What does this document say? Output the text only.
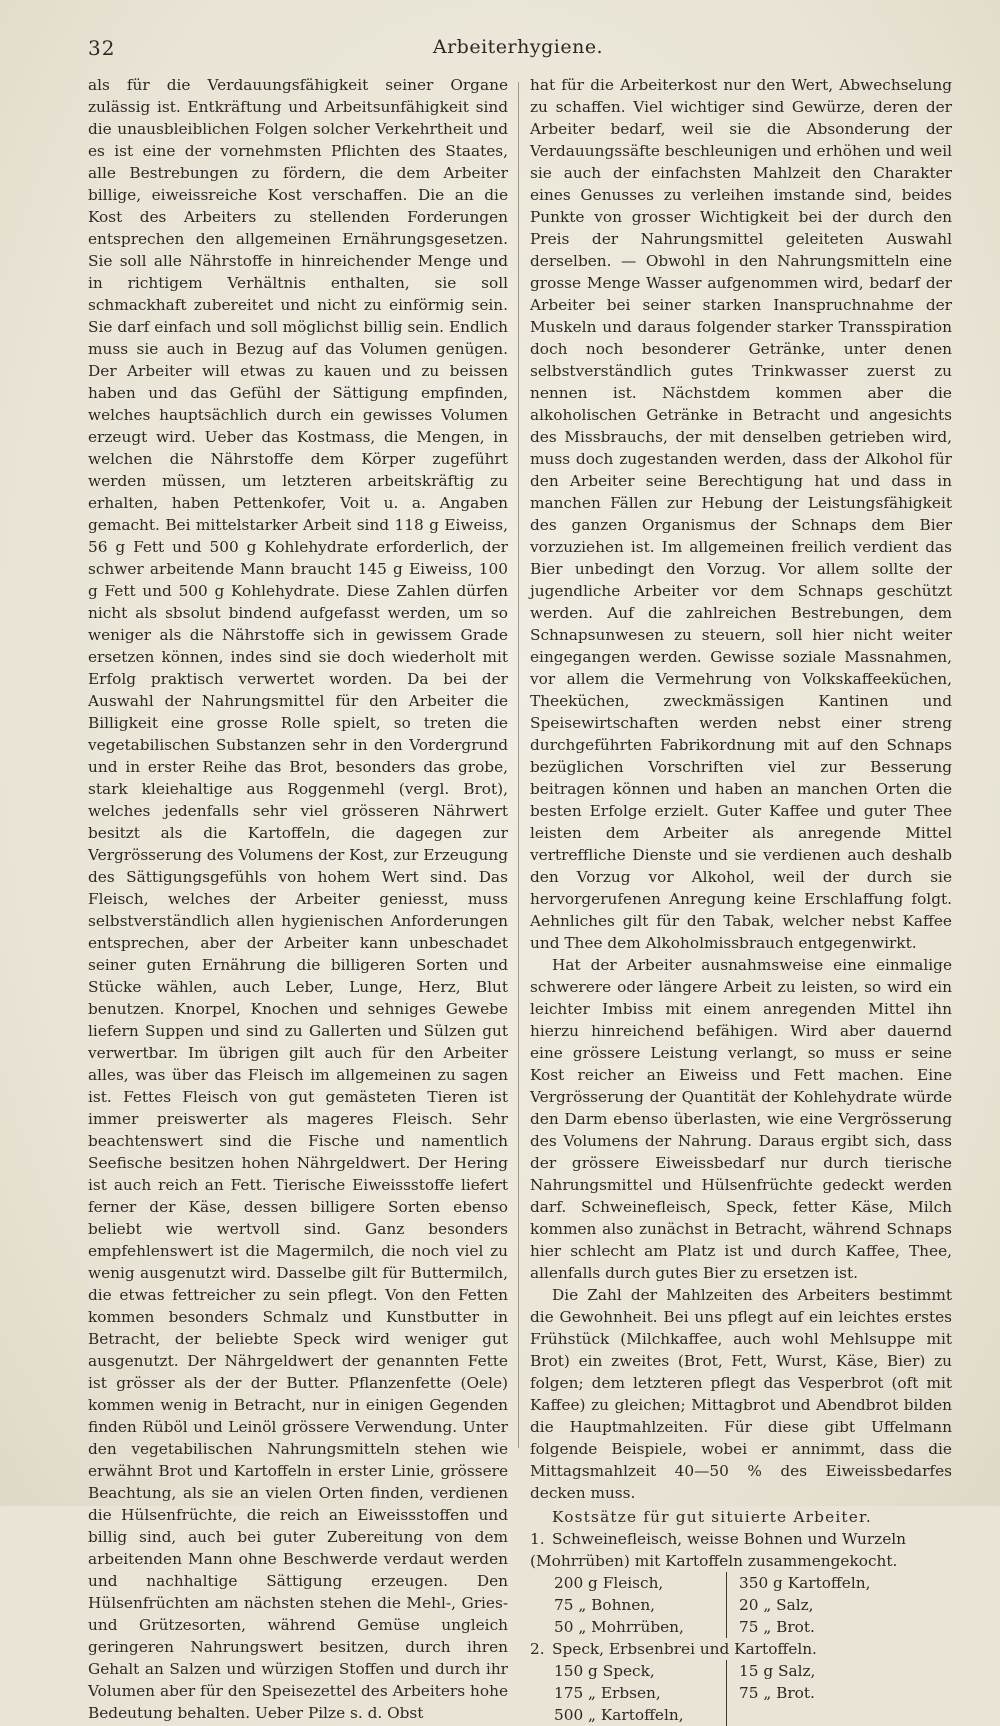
32	Arbeiterhygiene.

als für die Verdauungsfähigkeit seiner Organe zulässig ist. Entkräftung und Arbeitsunfähigkeit sind die unausbleiblichen Folgen solcher Verkehrtheit und es ist eine der vornehmsten Pflichten des Staates, alle Bestrebungen zu fördern, die dem Arbeiter billige, eiweissreiche Kost verschaffen. Die an die Kost des Arbeiters zu stellenden Forderungen entsprechen den allgemeinen Ernährungsgesetzen. Sie soll alle Nährstoffe in hinreichender Menge und in richtigem Verhältnis enthalten, sie soll schmackhaft zubereitet und nicht zu einförmig sein. Sie darf einfach und soll möglichst billig sein. Endlich muss sie auch in Bezug auf das Volumen genügen. Der Arbeiter will etwas zu kauen und zu beissen haben und das Gefühl der Sättigung empfinden, welches hauptsächlich durch ein gewisses Volumen erzeugt wird. Ueber das Kostmass, die Mengen, in welchen die Nährstoffe dem Körper zugeführt werden müssen, um letzteren arbeitskräftig zu erhalten, haben Pettenkofer, Voit u. a. Angaben gemacht. Bei mittelstarker Arbeit sind 118 g Eiweiss, 56 g Fett und 500 g Kohlehydrate erforderlich, der schwer arbeitende Mann braucht 145 g Eiweiss, 100 g Fett und 500 g Kohlehydrate. Diese Zahlen dürfen nicht als sbsolut bindend aufgefasst werden, um so weniger als die Nährstoffe sich in gewissem Grade ersetzen können, indes sind sie doch wiederholt mit Erfolg praktisch verwertet worden. Da bei der Auswahl der Nahrungsmittel für den Arbeiter die Billigkeit eine grosse Rolle spielt, so treten die vegetabilischen Substanzen sehr in den Vordergrund und in erster Reihe das Brot, besonders das grobe, stark kleiehaltige aus Roggenmehl (vergl. Brot), welches jedenfalls sehr viel grösseren Nährwert besitzt als die Kartoffeln, die dagegen zur Vergrösserung des Volumens der Kost, zur Erzeugung des Sättigungsgefühls von hohem Wert sind. Das Fleisch, welches der Arbeiter geniesst, muss selbstverständlich allen hygienischen Anforderungen entsprechen, aber der Arbeiter kann unbeschadet seiner guten Ernährung die billigeren Sorten und Stücke wählen, auch Leber, Lunge, Herz, Blut benutzen. Knorpel, Knochen und sehniges Gewebe liefern Suppen und sind zu Gallerten und Sülzen gut verwertbar. Im übrigen gilt auch für den Arbeiter alles, was über das Fleisch im allgemeinen zu sagen ist. Fettes Fleisch von gut gemästeten Tieren ist immer preiswerter als mageres Fleisch. Sehr beachtenswert sind die Fische und namentlich Seefische besitzen hohen Nährgeldwert. Der Hering ist auch reich an Fett. Tierische Eiweissstoffe liefert ferner der Käse, dessen billigere Sorten ebenso beliebt wie wertvoll sind. Ganz besonders empfehlenswert ist die Magermilch, die noch viel zu wenig ausgenutzt wird. Dasselbe gilt für Buttermilch, die etwas fettreicher zu sein pflegt. Von den Fetten kommen besonders Schmalz und Kunstbutter in Betracht, der beliebte Speck wird weniger gut ausgenutzt. Der Nährgeldwert der genannten Fette ist grösser als der der Butter. Pflanzenfette (Oele) kommen wenig in Betracht, nur in einigen Gegenden finden Rüböl und Leinöl grössere Verwendung. Unter den vegetabilischen Nahrungsmitteln stehen wie erwähnt Brot und Kartoffeln in erster Linie, grössere Beachtung, als sie an vielen Orten finden, verdienen die Hülsenfrüchte, die reich an Eiweissstoffen und billig sind, auch bei guter Zubereitung von dem arbeitenden Mann ohne Beschwerde verdaut werden und nachhaltige Sättigung erzeugen. Den Hülsenfrüchten am nächsten stehen die Mehl-, Gries- und Grützesorten, während Gemüse ungleich geringeren Nahrungswert besitzen, durch ihren Gehalt an Salzen und würzigen Stoffen und durch ihr Volumen aber für den Speisezettel des Arbeiters hohe Bedeutung behalten. Ueber Pilze s. d. Obst

hat für die Arbeiterkost nur den Wert, Abwechselung zu schaffen. Viel wichtiger sind Gewürze, deren der Arbeiter bedarf, weil sie die Absonderung der Verdauungssäfte beschleunigen und erhöhen und weil sie auch der einfachsten Mahlzeit den Charakter eines Genusses zu verleihen imstande sind, beides Punkte von grosser Wichtigkeit bei der durch den Preis der Nahrungsmittel geleiteten Auswahl derselben. — Obwohl in den Nahrungsmitteln eine grosse Menge Wasser aufgenommen wird, bedarf der Arbeiter bei seiner starken Inanspruchnahme der Muskeln und daraus folgender starker Transspiration doch noch besonderer Getränke, unter denen selbstverständlich gutes Trinkwasser zuerst zu nennen ist. Nächstdem kommen aber die alkoholischen Getränke in Betracht und angesichts des Missbrauchs, der mit denselben getrieben wird, muss doch zugestanden werden, dass der Alkohol für den Arbeiter seine Berechtigung hat und dass in manchen Fällen zur Hebung der Leistungsfähigkeit des ganzen Organismus der Schnaps dem Bier vorzuziehen ist. Im allgemeinen freilich verdient das Bier unbedingt den Vorzug. Vor allem sollte der jugendliche Arbeiter vor dem Schnaps geschützt werden. Auf die zahlreichen Bestrebungen, dem Schnapsunwesen zu steuern, soll hier nicht weiter eingegangen werden. Gewisse soziale Massnahmen, vor allem die Vermehrung von Volkskaffeeküchen, Theeküchen, zweckmässigen Kantinen und Speisewirtschaften werden nebst einer streng durchgeführten Fabrikordnung mit auf den Schnaps bezüglichen Vorschriften viel zur Besserung beitragen können und haben an manchen Orten die besten Erfolge erzielt. Guter Kaffee und guter Thee leisten dem Arbeiter als anregende Mittel vertreffliche Dienste und sie verdienen auch deshalb den Vorzug vor Alkohol, weil der durch sie hervorgerufenen Anregung keine Erschlaffung folgt. Aehnliches gilt für den Tabak, welcher nebst Kaffee und Thee dem Alkoholmissbrauch entgegenwirkt.

Hat der Arbeiter ausnahmsweise eine einmalige schwerere oder längere Arbeit zu leisten, so wird ein leichter Imbiss mit einem anregenden Mittel ihn hierzu hinreichend befähigen. Wird aber dauernd eine grössere Leistung verlangt, so muss er seine Kost reicher an Eiweiss und Fett machen. Eine Vergrösserung der Quantität der Kohlehydrate würde den Darm ebenso überlasten, wie eine Vergrösserung des Volumens der Nahrung. Daraus ergibt sich, dass der grössere Eiweissbedarf nur durch tierische Nahrungsmittel und Hülsenfrüchte gedeckt werden darf. Schweinefleisch, Speck, fetter Käse, Milch kommen also zunächst in Betracht, während Schnaps hier schlecht am Platz ist und durch Kaffee, Thee, allenfalls durch gutes Bier zu ersetzen ist.

Die Zahl der Mahlzeiten des Arbeiters bestimmt die Gewohnheit. Bei uns pflegt auf ein leichtes erstes Frühstück (Milchkaffee, auch wohl Mehlsuppe mit Brot) ein zweites (Brot, Fett, Wurst, Käse, Bier) zu folgen; dem letzteren pflegt das Vesperbrot (oft mit Kaffee) zu gleichen; Mittagbrot und Abendbrot bilden die Hauptmahlzeiten. Für diese gibt Uffelmann folgende Beispiele, wobei er annimmt, dass die Mittagsmahlzeit 40—50 % des Eiweissbedarfes decken muss.

Kostsätze für gut situierte Arbeiter.

1. Schweinefleisch, weisse Bohnen und Wurzeln (Mohrrüben) mit Kartoffeln zusammengekocht.
200 g Fleisch,	350 g Kartoffeln,
75 „ Bohnen,	20 „ Salz,
50 „ Mohrrüben,	75 „ Brot.
2. Speck, Erbsenbrei und Kartoffeln.
150 g Speck,	15 g Salz,
175 „ Erbsen,	75 „ Brot.
500 „ Kartoffeln,
